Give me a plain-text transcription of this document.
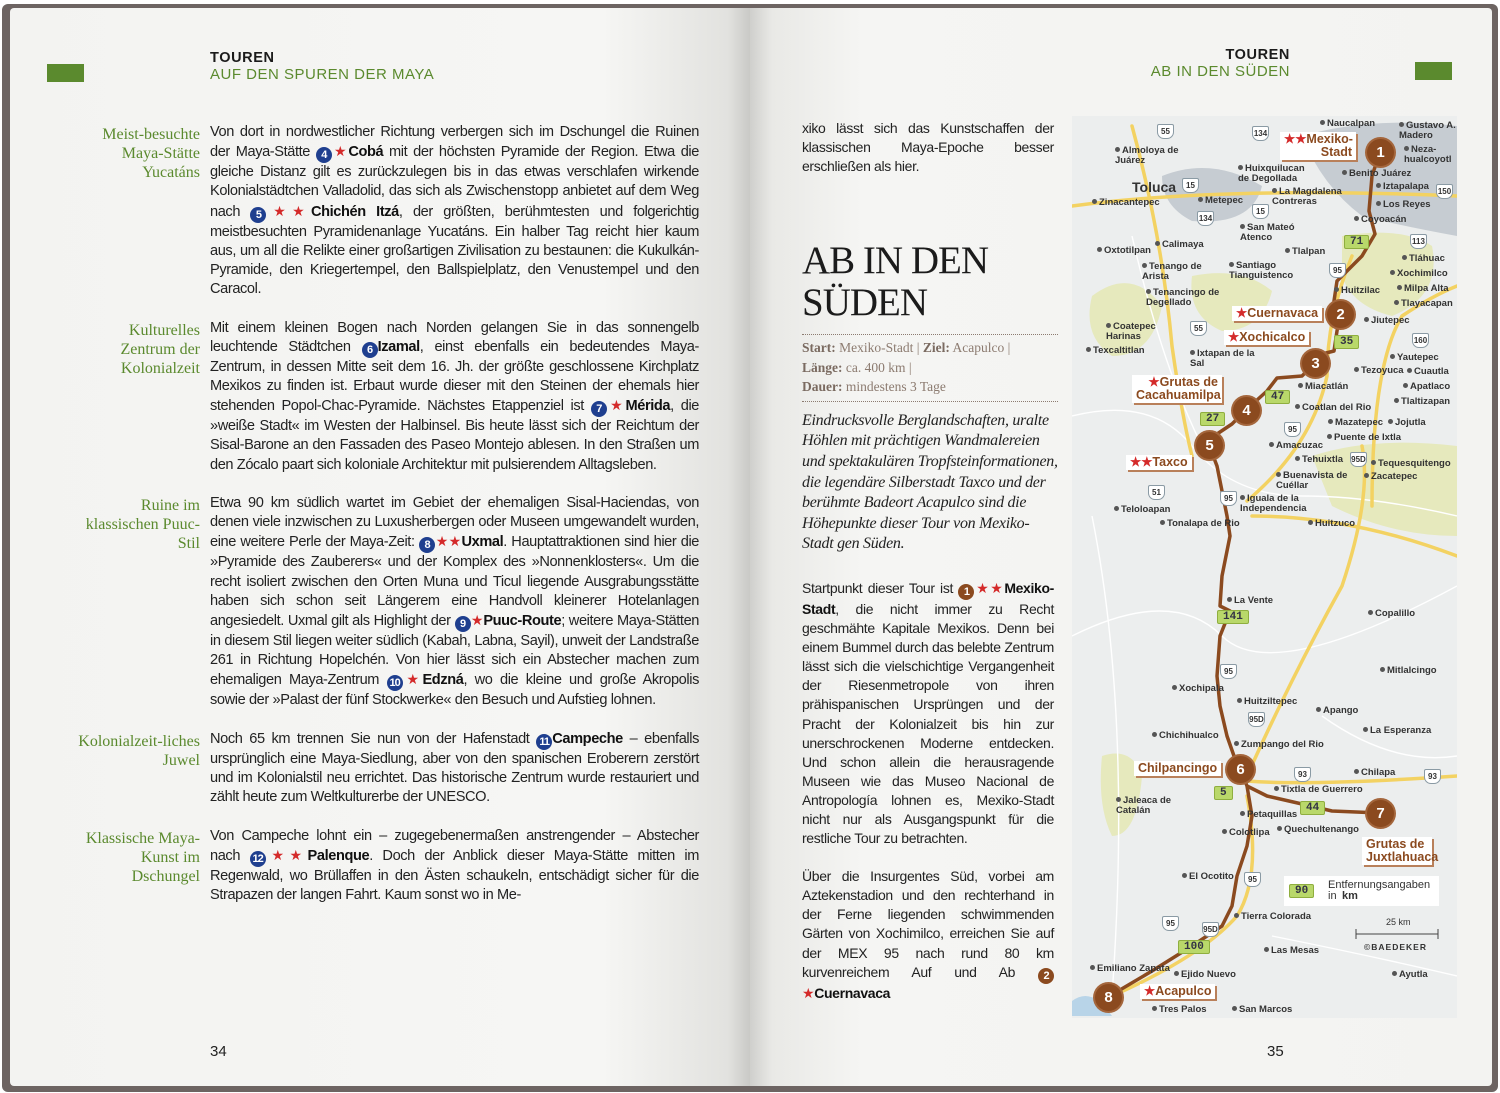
TOUREN
AUF DEN SPUREN DER MAYA
Meist-besuchte Maya-Stätte Yucatáns
Von dort in nordwestlicher Richtung verbergen sich im Dschungel die Ruinen der Maya-Stätte 4 ★Cobá mit der höchsten Pyramide der Region. Etwa die gleiche Distanz gilt es zurückzulegen bis in das etwas verschlafen wirkende Kolonialstädtchen Valladolid, das sich als Zwischenstopp anbietet auf dem Weg nach 5 ★★Chichén Itzá, der größten, berühmtesten und folgerichtig meistbesuchten Pyramidenanlage Yucatáns. Ein halber Tag reicht hier kaum aus, um all die Relikte einer großartigen Zivilisation zu bestaunen: die Kukulkán-Pyramide, den Kriegertempel, den Ballspielplatz, den Venustempel und den Caracol.
Kulturelles Zentrum der Kolonialzeit
Mit einem kleinen Bogen nach Norden gelangen Sie in das sonnengelb leuchtende Städtchen 6 Izamal, einst ebenfalls ein bedeutendes Maya-Zentrum, in dessen Mitte seit dem 16. Jh. der größte geschlossene Kirchplatz Mexikos zu finden ist. Erbaut wurde dieser mit den Steinen der ehemals hier stehenden Popol-Chac-Pyramide. Nächstes Etappenziel ist 7 ★Mérida, die »weiße Stadt« im Westen der Halbinsel. Bis heute lässt sich der Reichtum der Sisal-Barone an den Fassaden des Paseo Montejo ablesen. In den Straßen um den Zócalo paart sich koloniale Architektur mit pulsierendem Alltagsleben.
Ruine im klassischen Puuc-Stil
Etwa 90 km südlich wartet im Gebiet der ehemaligen Sisal-Haciendas, von denen viele inzwischen zu Luxusherbergen oder Museen umgewandelt wurden, eine weitere Perle der Maya-Zeit: 8 ★★Uxmal. Hauptattraktionen sind hier die »Pyramide des Zauberers« und der Komplex des »Nonnenklosters«. Um die recht isoliert zwischen den Orten Muna und Ticul liegende Ausgrabungsstätte haben sich schon seit Längerem eine Handvoll kleinerer Hotelanlagen angesiedelt. Uxmal gilt als Highlight der 9 ★Puuc-Route; weitere Maya-Stätten in diesem Stil liegen weiter südlich (Kabah, Labna, Sayil), unweit der Landstraße 261 in Richtung Hopelchén. Von hier lässt sich ein Abstecher machen zum ehemaligen Maya-Zentrum 10 ★Edzná, wo die kleine und große Akropolis sowie der »Palast der fünf Stockwerke« den Besuch und Aufstieg lohnen.
Kolonialzeit-liches Juwel
Noch 65 km trennen Sie nun von der Hafenstadt 11 Campeche – ebenfalls ursprünglich eine Maya-Siedlung, aber von den spanischen Eroberern zerstört und im Kolonialstil neu errichtet. Das historische Zentrum wurde restauriert und zählt heute zum Weltkulturerbe der UNESCO.
Klassische Maya-Kunst im Dschungel
Von Campeche lohnt ein – zugegebenermaßen anstrengender – Abstecher nach 12 ★★Palenque. Doch der Anblick dieser Maya-Stätte mitten im Regenwald, wo Brüllaffen in den Ästen schaukeln, entschädigt sicher für die Strapazen der langen Fahrt. Kaum sonst wo in Me-
34
TOUREN
AB IN DEN SÜDEN
xiko lässt sich das Kunstschaffen der klassischen Maya-Epoche besser erschließen als hier.
AB IN DEN SÜDEN
Start: Mexiko-Stadt | Ziel: Acapulco |
Länge: ca. 400 km |
Dauer: mindestens 3 Tage
Eindrucksvolle Berglandschaften, uralte Höhlen mit prächtigen Wandmalereien und spektakulären Tropfsteinformationen, die legendäre Silberstadt Taxco und der berühmte Badeort Acapulco sind die Höhepunkte dieser Tour von Mexiko-Stadt gen Süden.
Startpunkt dieser Tour ist 1 ★★Mexiko-Stadt, die nicht immer zu Recht geschmähte Kapitale Mexikos. Denn bei einem Bummel durch das belebte Zentrum lässt sich die vielschichtige Vergangenheit der Riesenmetropole von ihren prähispanischen Ursprüngen und der Pracht der Kolonialzeit bis hin zur unerschrockenen Moderne entdecken. Und schon allein die herausragende Museen wie das Museo Nacional de Antropología lohnen es, Mexiko-Stadt nicht nur als Ausgangspunkt für die restliche Tour zu betrachten.
Über die Insurgentes Süd, vorbei am Aztekenstadion und den rechterhand in der Ferne liegenden schwimmenden Gärten von Xochimilco, erreichen Sie auf der MEX 95 nach rund 80 km kurvenreichem Auf und Ab 2★Cuernavaca
35
1
2
3
4
5
6
7
8
★★Mexiko-Stadt
★Cuernavaca
★Xochicalco
★Grutas de Cacahuamilpa
★★Taxco
Chilpancingo
Grutas de Juxtlahuaca
★Acapulco
71
35
47
27
141
5
44
100
55	134
15
15
134
150
113
95
55
160
95
51
95
95D
95
95D
93	93
95
95
95D
Naucalpan	Gustavo A. Madero
Neza-hualcoyotl
Los Reyes
Almoloya de Juárez
Huixquilucan de Degollada	Benito Juárez
Iztapalapa
Toluca	La Magdalena Contreras
Coyoacán
Zinacantepec	Metepec
San Mateó Atenco
Tlalpan
Tláhuac
Xochimilco
Santiago Tianguistenco
Calimaya
Oxtotilpan
Milpa Alta
Tenango de Arista
Huitzilac
Tenancingo de Degellado
Coatepec Harinas
Tlayacapan
Texcaltitlan
Jiutepec
Yautepec
Cuautla
Ixtapan de la Sal
Coatlan del Rio
Tezoyuca
Apatlaco
Miacatlán
Mazatepec
Puente de Ixtla
Tlaltizapan
Zacatepec
Jojutla
Amacuzac
Tequesquitengo
Tehuixtla
Buenavista de Cuéllar
Teloloapan
Iguala de la Independencia
Tonalapa de Rio	Huitzuco
La Vente
Copalillo
Mitlalcingo
Xochipala
Huitziltepec
Apango
La Esperanza
Chichihualco
Zumpango del Rio
Chilapa
Tixtla de Guerrero
Petaquillas
Jaleaca de Catalán
Quechultenango
Colotlipa
El Ocotito
Tierra Colorada
Las Mesas
Emiliano Zapata
Ejido Nuevo	Ayutla
Tres Palos	San Marcos
90	Entfernungsangaben
in km
25 km
©BAEDEKER
